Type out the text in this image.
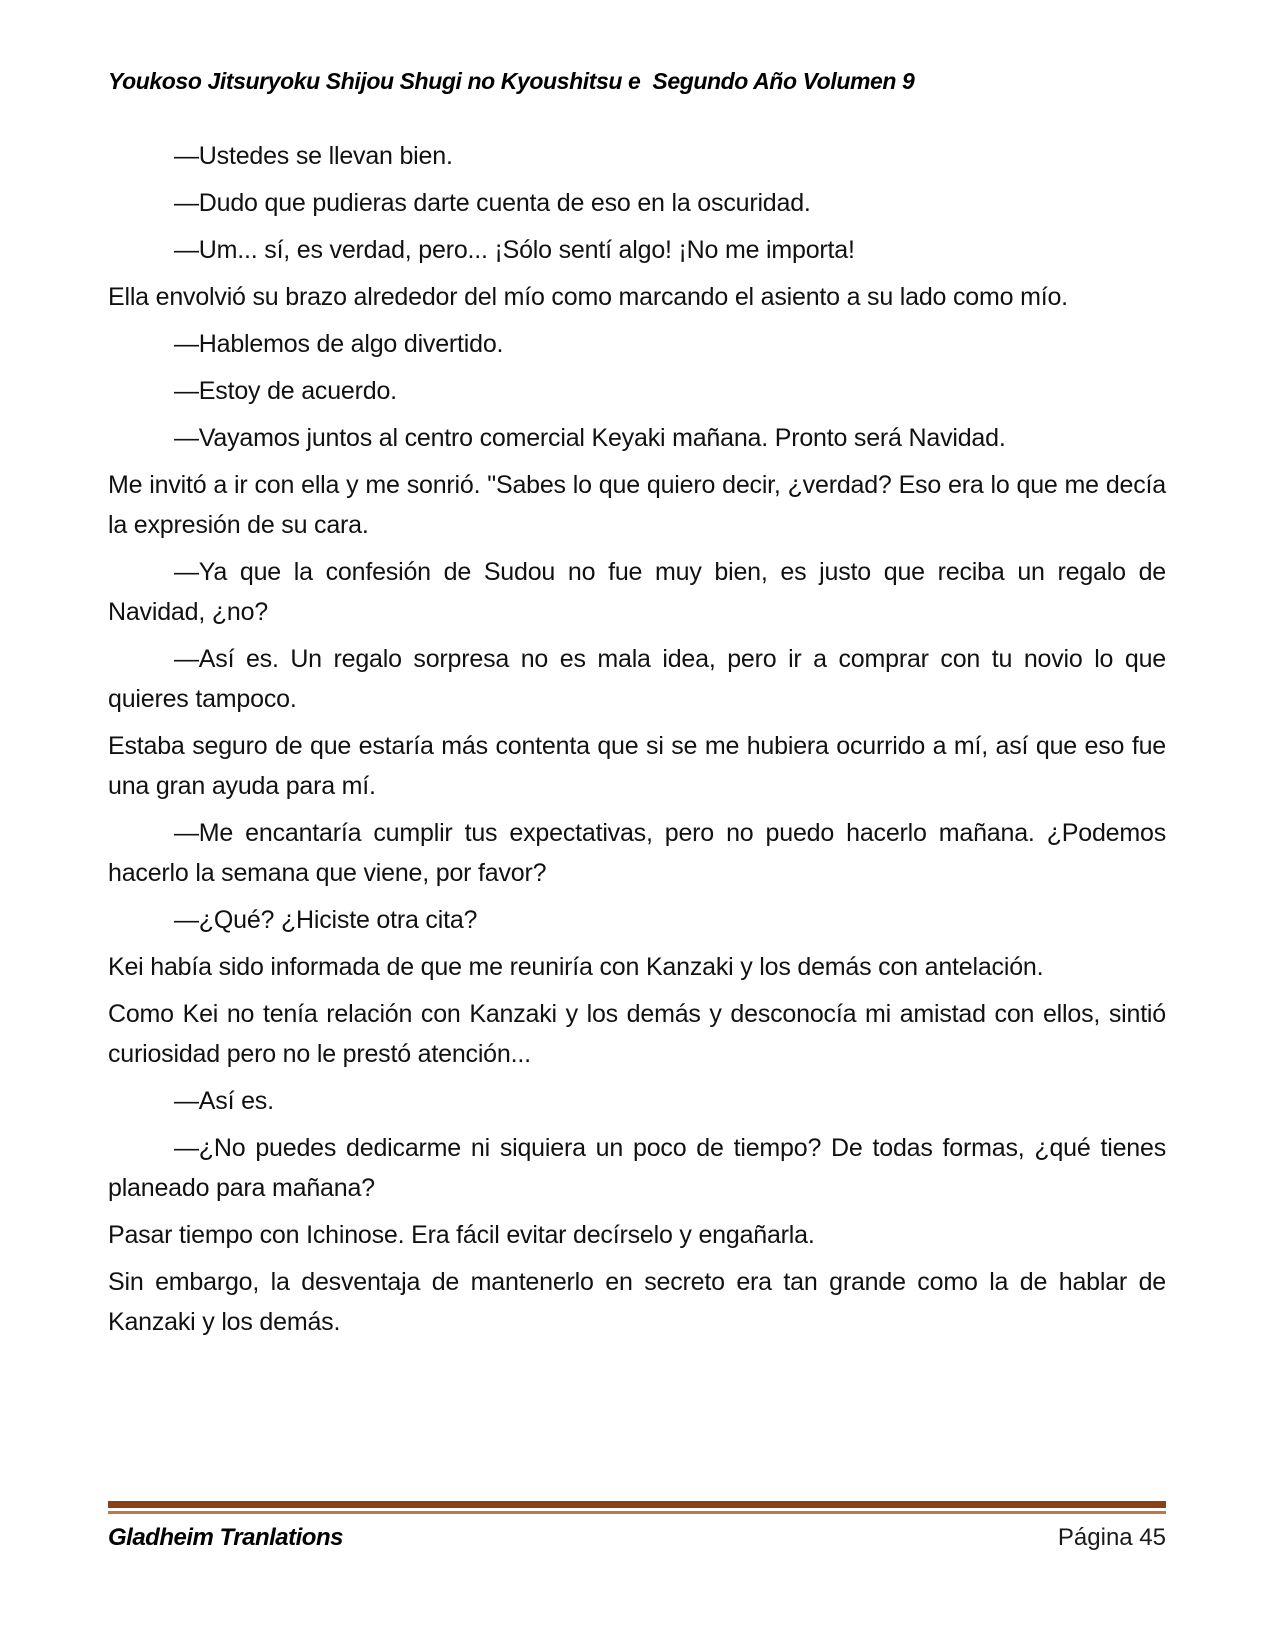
Youkoso Jitsuryoku Shijou Shugi no Kyoushitsu e  Segundo Año Volumen 9

—Ustedes se llevan bien.

—Dudo que pudieras darte cuenta de eso en la oscuridad.

—Um... sí, es verdad, pero... ¡Sólo sentí algo! ¡No me importa!

Ella envolvió su brazo alrededor del mío como marcando el asiento a su lado como mío.

—Hablemos de algo divertido.

—Estoy de acuerdo.

—Vayamos juntos al centro comercial Keyaki mañana. Pronto será Navidad.

Me invitó a ir con ella y me sonrió. "Sabes lo que quiero decir, ¿verdad? Eso era lo que me decía la expresión de su cara.

—Ya que la confesión de Sudou no fue muy bien, es justo que reciba un regalo de Navidad, ¿no?

—Así es. Un regalo sorpresa no es mala idea, pero ir a comprar con tu novio lo que quieres tampoco.

Estaba seguro de que estaría más contenta que si se me hubiera ocurrido a mí, así que eso fue una gran ayuda para mí.

—Me encantaría cumplir tus expectativas, pero no puedo hacerlo mañana. ¿Podemos hacerlo la semana que viene, por favor?

—¿Qué? ¿Hiciste otra cita?

Kei había sido informada de que me reuniría con Kanzaki y los demás con antelación.

Como Kei no tenía relación con Kanzaki y los demás y desconocía mi amistad con ellos, sintió curiosidad pero no le prestó atención...

—Así es.

—¿No puedes dedicarme ni siquiera un poco de tiempo? De todas formas, ¿qué tienes planeado para mañana?

Pasar tiempo con Ichinose. Era fácil evitar decírselo y engañarla.

Sin embargo, la desventaja de mantenerlo en secreto era tan grande como la de hablar de Kanzaki y los demás.

Gladheim Tranlations	Página 45
